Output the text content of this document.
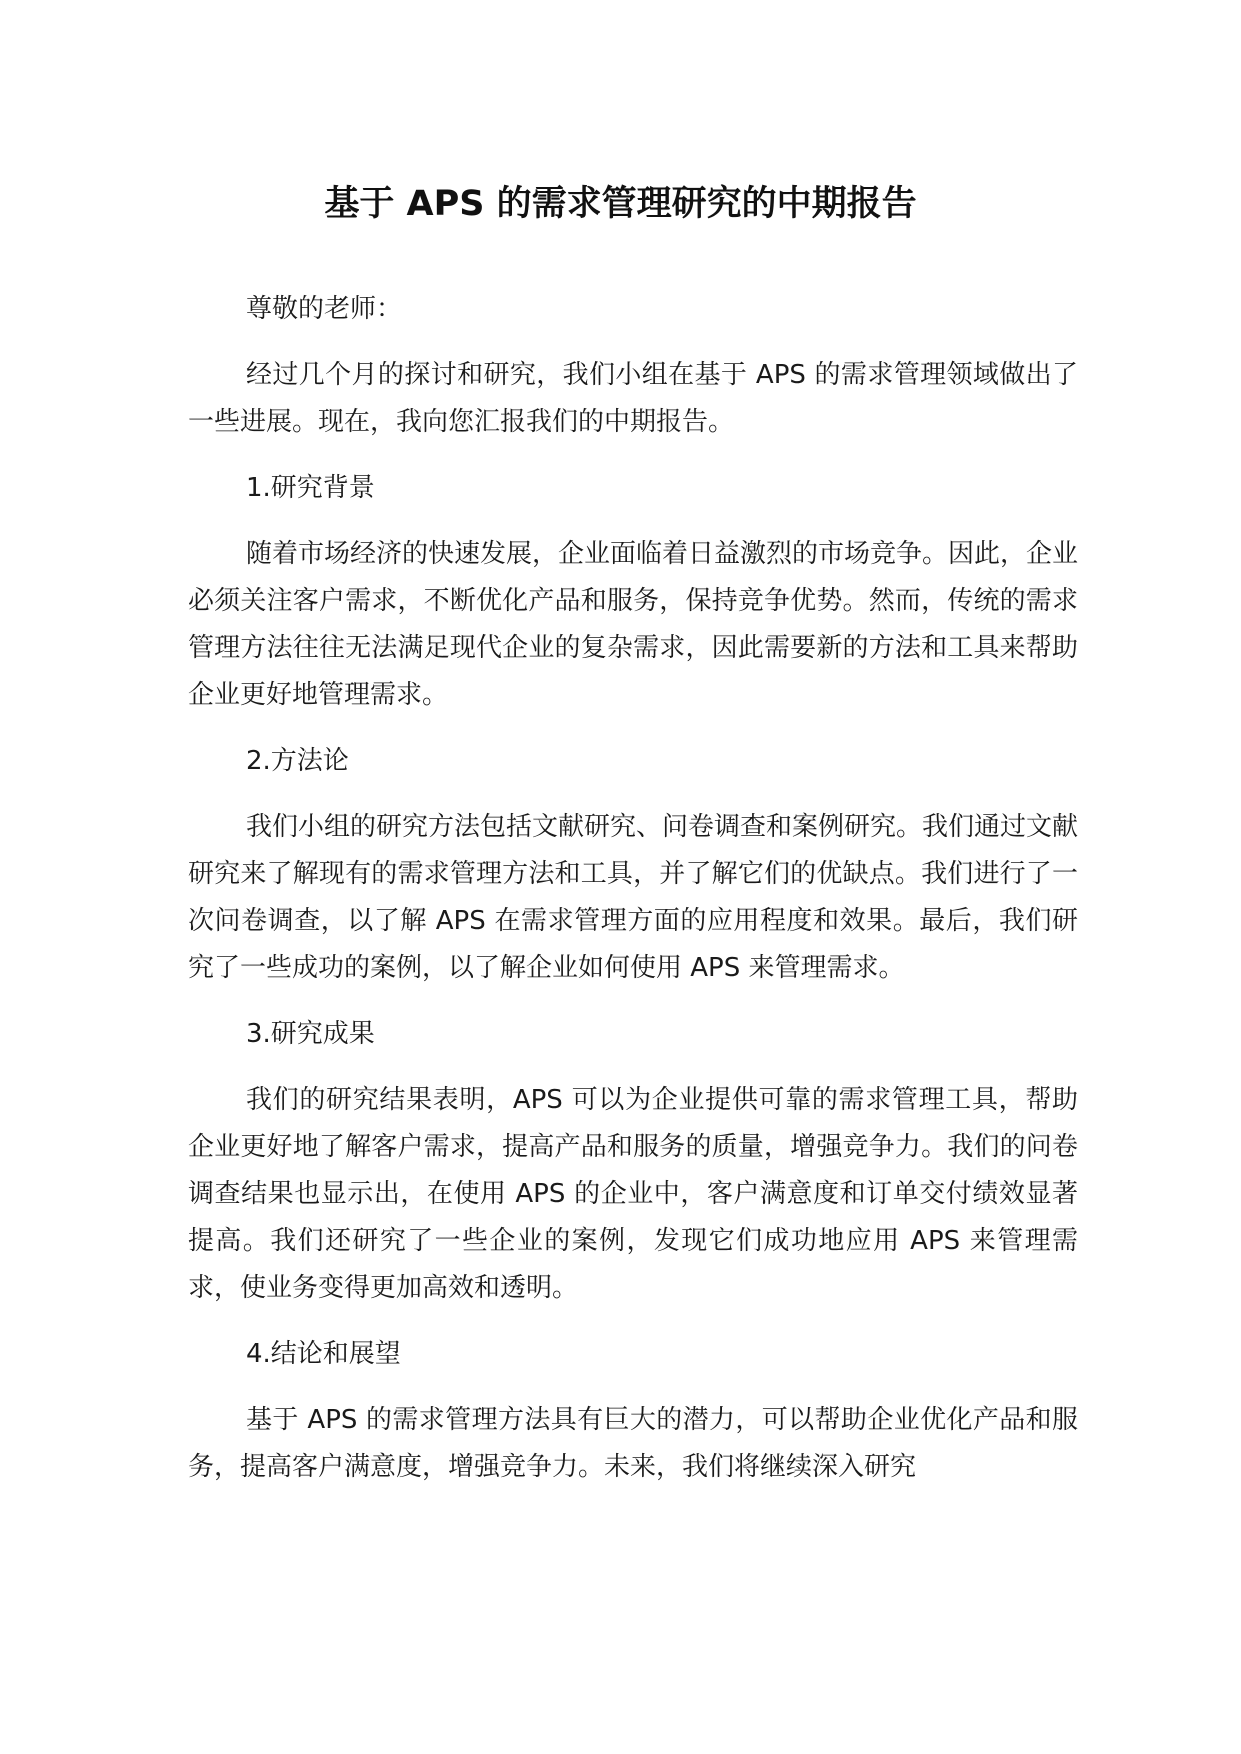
基于 APS 的需求管理研究的中期报告

尊敬的老师：

经过几个月的探讨和研究，我们小组在基于 APS 的需求管理领域做出了一些进展。现在，我向您汇报我们的中期报告。

1.研究背景

随着市场经济的快速发展，企业面临着日益激烈的市场竞争。因此，企业必须关注客户需求，不断优化产品和服务，保持竞争优势。然而，传统的需求管理方法往往无法满足现代企业的复杂需求，因此需要新的方法和工具来帮助企业更好地管理需求。

2.方法论

我们小组的研究方法包括文献研究、问卷调查和案例研究。我们通过文献研究来了解现有的需求管理方法和工具，并了解它们的优缺点。我们进行了一次问卷调查，以了解 APS 在需求管理方面的应用程度和效果。最后，我们研究了一些成功的案例，以了解企业如何使用 APS 来管理需求。

3.研究成果

我们的研究结果表明，APS 可以为企业提供可靠的需求管理工具，帮助企业更好地了解客户需求，提高产品和服务的质量，增强竞争力。我们的问卷调查结果也显示出，在使用 APS 的企业中，客户满意度和订单交付绩效显著提高。我们还研究了一些企业的案例，发现它们成功地应用 APS 来管理需求，使业务变得更加高效和透明。

4.结论和展望

基于 APS 的需求管理方法具有巨大的潜力，可以帮助企业优化产品和服务，提高客户满意度，增强竞争力。未来，我们将继续深入研究
